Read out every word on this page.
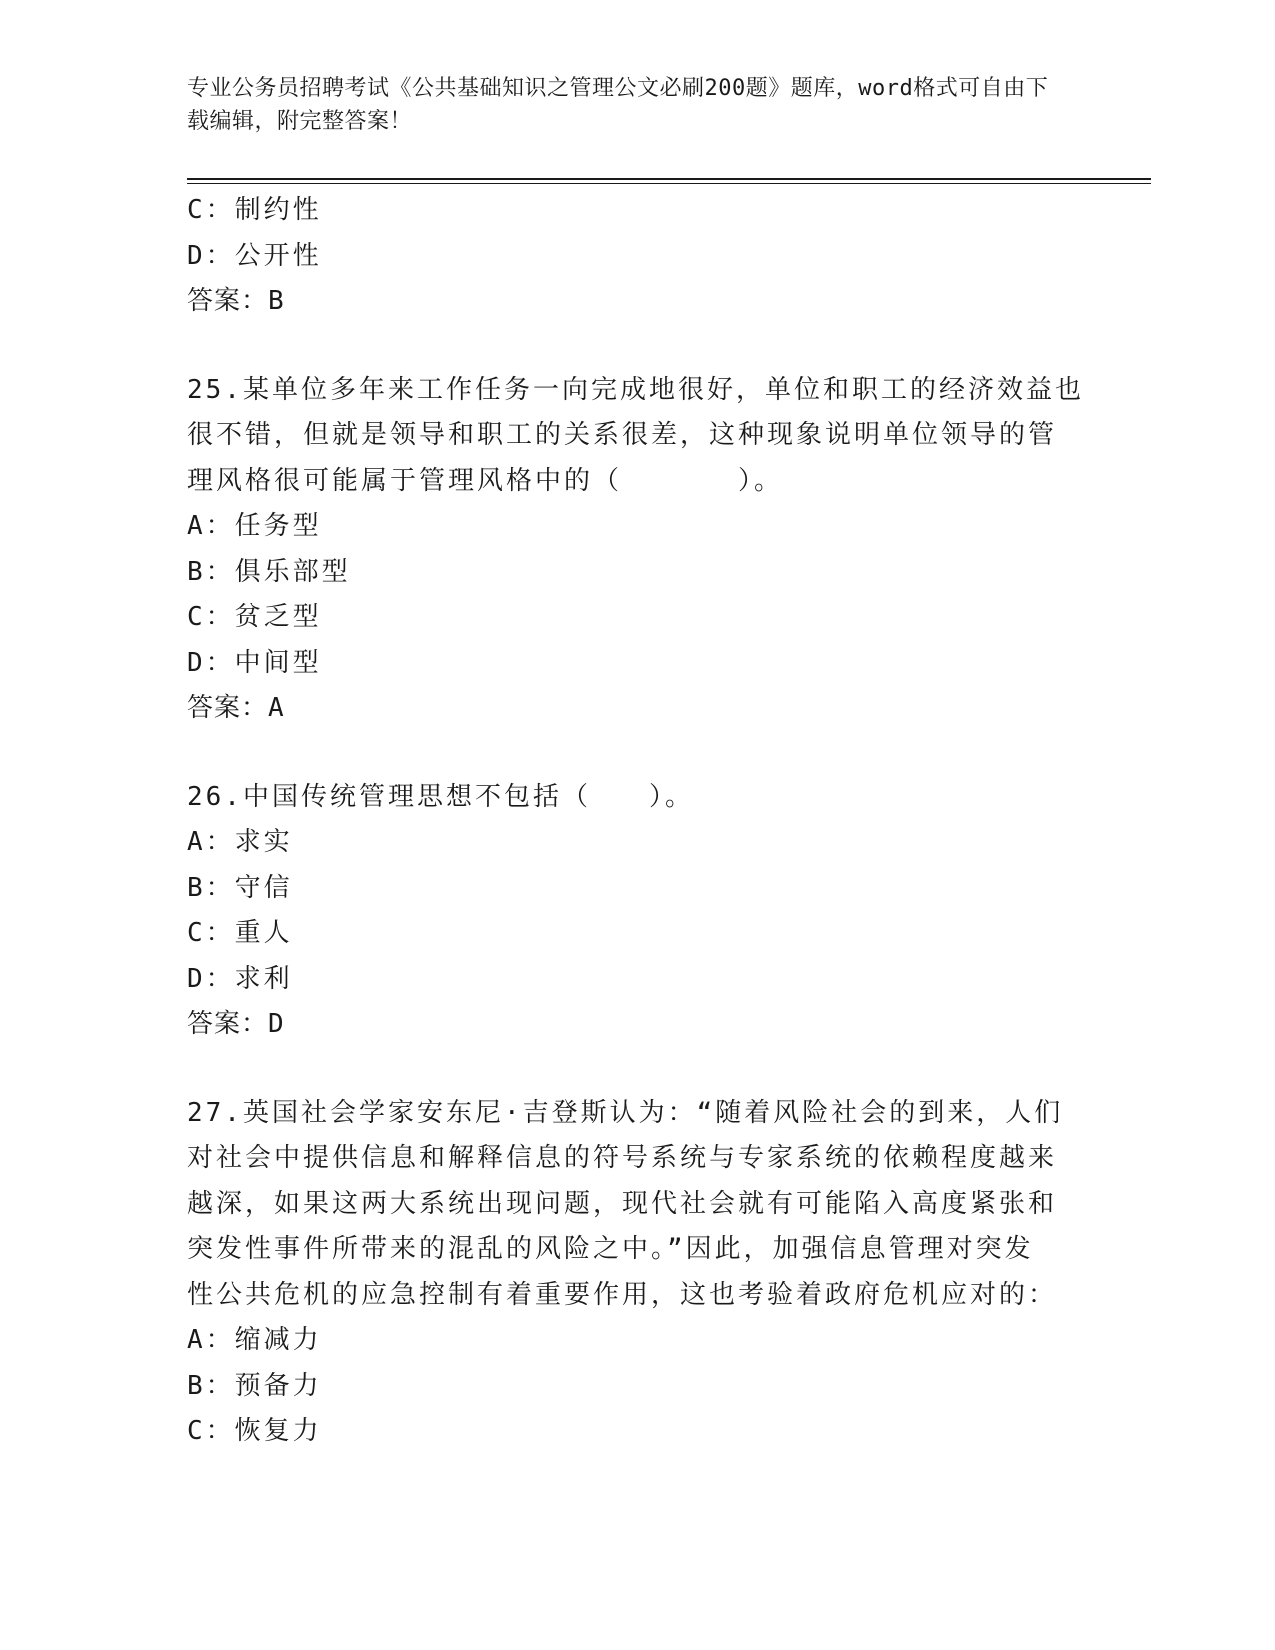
专业公务员招聘考试《公共基础知识之管理公文必刷200题》题库，word格式可自由下载编辑，附完整答案！
C：制约性
D：公开性
答案：B
25.某单位多年来工作任务一向完成地很好，单位和职工的经济效益也
很不错，但就是领导和职工的关系很差，这种现象说明单位领导的管
理风格很可能属于管理风格中的（　　　　）。
A：任务型
B：俱乐部型
C：贫乏型
D：中间型
答案：A
26.中国传统管理思想不包括（　　）。
A：求实
B：守信
C：重人
D：求利
答案：D
27.英国社会学家安东尼·吉登斯认为：“随着风险社会的到来，人们
对社会中提供信息和解释信息的符号系统与专家系统的依赖程度越来
越深，如果这两大系统出现问题，现代社会就有可能陷入高度紧张和
突发性事件所带来的混乱的风险之中。”因此，加强信息管理对突发
性公共危机的应急控制有着重要作用，这也考验着政府危机应对的：
A：缩减力
B：预备力
C：恢复力
